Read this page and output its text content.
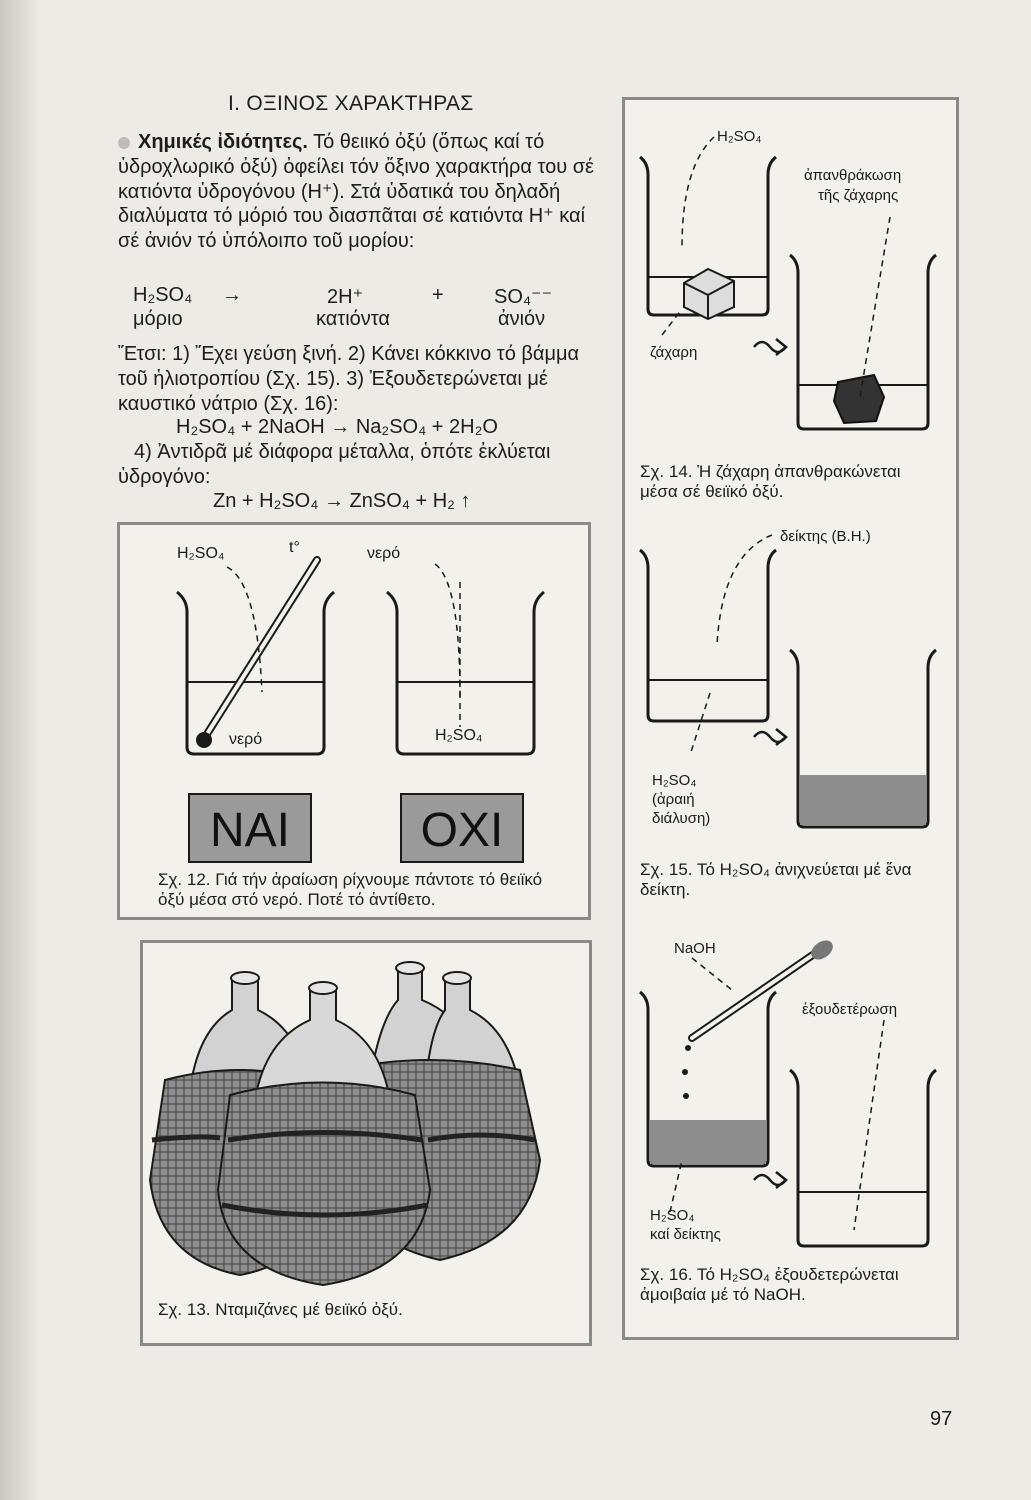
Ι. ΟΞΙΝΟΣ ΧΑΡΑΚΤΗΡΑΣ

Χημικές ἰδιότητες. Τό θειικό ὀξύ (ὅπως καί τό ὑδροχλωρικό ὀξύ) ὀφείλει τόν ὄξινο χαρακτήρα του σέ κατιόντα ὑδρογόνου (H⁺). Στά ὑδατικά του δηλαδή διαλύματα τό μόριό του διασπᾶται σέ κατιόντα H⁺ καί σέ ἀνιόν τό ὑπόλοιπο τοῦ μορίου:

H₂SO₄ →	2H⁺	+	SO₄⁻⁻
μόριο	κατιόντα	ἀνιόν

Ἔτσι: 1) Ἔχει γεύση ξινή. 2) Κάνει κόκκινο τό βάμμα τοῦ ἡλιοτροπίου (Σχ. 15). 3) Ἐξουδετερώνεται μέ καυστικό νάτριο (Σχ. 16):

H₂SO₄ + 2NaOH → Na₂SO₄ + 2H₂O

4) Ἀντιδρᾶ μέ διάφορα μέταλλα, ὁπότε ἐκλύεται ὑδρογόνο:

Zn + H₂SO₄ → ZnSO₄ + H₂ ↑
H₂SO₄	t°	νερό
νερό	H₂SO₄
ΝΑΙ	ΟΧΙ
Σχ. 12. Γιά τήν ἀραίωση ρίχνουμε πάντοτε τό θειϊκό ὀξύ μέσα στό νερό. Ποτέ τό ἀντίθετο.
Σχ. 13. Νταμιζάνες μέ θειϊκό ὀξύ.
H₂SO₄
ἀπανθράκωση
τῆς ζάχαρης
ζάχαρη
Σχ. 14. Ἡ ζάχαρη ἀπανθρακώνεται μέσα σέ θειϊκό ὀξύ.
δείκτης (B.H.)
H₂SO₄
(ἀραιή
διάλυση)
Σχ. 15. Τό H₂SO₄ ἀνιχνεύεται μέ ἕνα δείκτη.
NaOH
ἐξουδετέρωση
H₂SO₄
καί δείκτης
Σχ. 16. Τό H₂SO₄ ἐξουδετερώνεται ἀμοιβαία μέ τό NaOH.
97
